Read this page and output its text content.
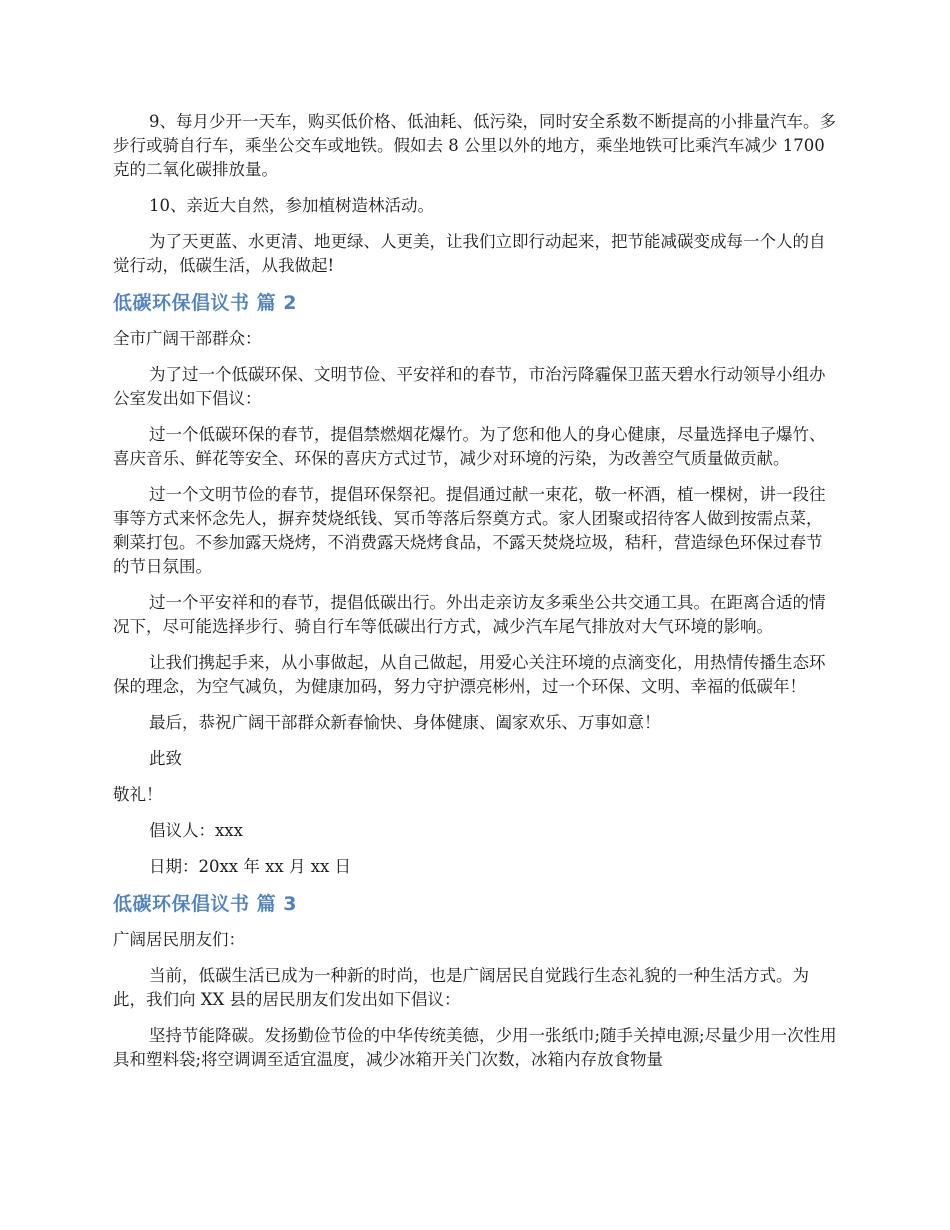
9、每月少开一天车，购买低价格、低油耗、低污染，同时安全系数不断提高的小排量汽车。多步行或骑自行车，乘坐公交车或地铁。假如去 8 公里以外的地方，乘坐地铁可比乘汽车减少 1700 克的二氧化碳排放量。
10、亲近大自然，参加植树造林活动。
为了天更蓝、水更清、地更绿、人更美，让我们立即行动起来，把节能减碳变成每一个人的自觉行动，低碳生活，从我做起!
低碳环保倡议书 篇 2
全市广阔干部群众：
为了过一个低碳环保、文明节俭、平安祥和的春节，市治污降霾保卫蓝天碧水行动领导小组办公室发出如下倡议：
过一个低碳环保的春节，提倡禁燃烟花爆竹。为了您和他人的身心健康，尽量选择电子爆竹、喜庆音乐、鲜花等安全、环保的喜庆方式过节，减少对环境的污染，为改善空气质量做贡献。
过一个文明节俭的春节，提倡环保祭祀。提倡通过献一束花，敬一杯酒，植一棵树，讲一段往事等方式来怀念先人，摒弃焚烧纸钱、冥币等落后祭奠方式。家人团聚或招待客人做到按需点菜，剩菜打包。不参加露天烧烤，不消费露天烧烤食品，不露天焚烧垃圾，秸秆，营造绿色环保过春节的节日氛围。
过一个平安祥和的春节，提倡低碳出行。外出走亲访友多乘坐公共交通工具。在距离合适的情况下，尽可能选择步行、骑自行车等低碳出行方式，减少汽车尾气排放对大气环境的影响。
让我们携起手来，从小事做起，从自己做起，用爱心关注环境的点滴变化，用热情传播生态环保的理念，为空气减负，为健康加码，努力守护漂亮彬州，过一个环保、文明、幸福的低碳年！
最后，恭祝广阔干部群众新春愉快、身体健康、阖家欢乐、万事如意！
此致
敬礼！
倡议人：xxx
日期：20xx 年 xx 月 xx 日
低碳环保倡议书 篇 3
广阔居民朋友们：
当前，低碳生活已成为一种新的时尚，也是广阔居民自觉践行生态礼貌的一种生活方式。为此，我们向 XX 县的居民朋友们发出如下倡议：
坚持节能降碳。发扬勤俭节俭的中华传统美德，少用一张纸巾;随手关掉电源;尽量少用一次性用具和塑料袋;将空调调至适宜温度，减少冰箱开关门次数，冰箱内存放食物量
